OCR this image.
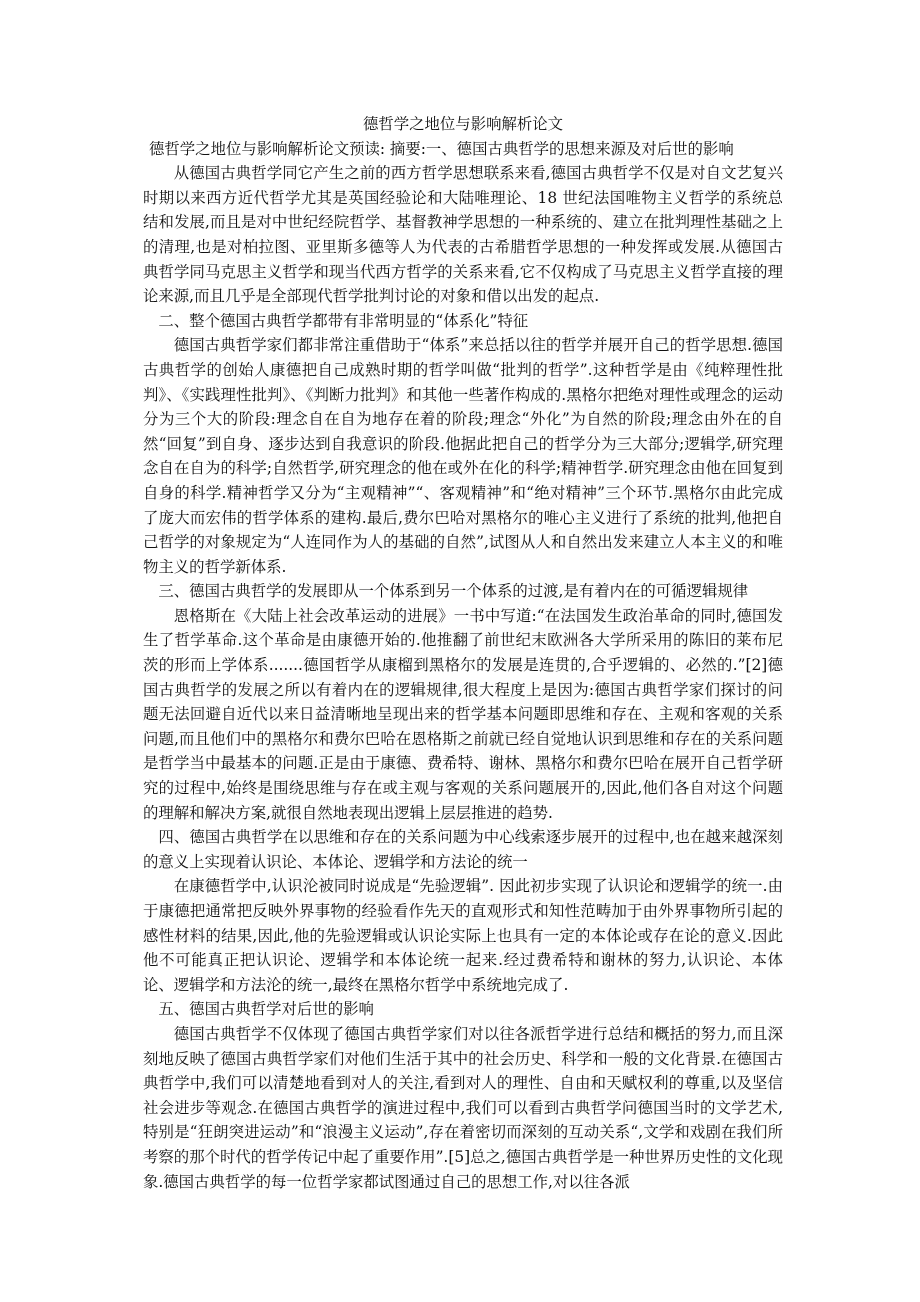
德哲学之地位与影响解析论文

德哲学之地位与影响解析论文预读: 摘要:一、德国古典哲学的思想来源及对后世的影响

从德国古典哲学同它产生之前的西方哲学思想联系来看,德国古典哲学不仅是对自文艺复兴时期以来西方近代哲学尤其是英国经验论和大陆唯理论、18 世纪法国唯物主义哲学的系统总结和发展,而且是对中世纪经院哲学、基督教神学思想的一种系统的、建立在批判理性基础之上的清理,也是对柏拉图、亚里斯多德等人为代表的古希腊哲学思想的一种发挥或发展.从德国古典哲学同马克思主义哲学和现当代西方哲学的关系来看,它不仅构成了马克思主义哲学直接的理论来源,而且几乎是全部现代哲学批判讨论的对象和借以出发的起点.

二、整个德国古典哲学都带有非常明显的“体系化”特征

德国古典哲学家们都非常注重借助于“体系”来总括以往的哲学并展开自己的哲学思想.德国古典哲学的创始人康德把自己成熟时期的哲学叫做“批判的哲学”.这种哲学是由《纯粹理性批判》、《实践理性批判》、《判断力批判》和其他一些著作构成的.黑格尔把绝对理性或理念的运动分为三个大的阶段:理念自在自为地存在着的阶段;理念“外化”为自然的阶段;理念由外在的自然“回复”到自身、逐步达到自我意识的阶段.他据此把自己的哲学分为三大部分;逻辑学,研究理念自在自为的科学;自然哲学,研究理念的他在或外在化的科学;精神哲学.研究理念由他在回复到自身的科学.精神哲学又分为“主观精神”“、客观精神”和“绝对精神”三个环节.黑格尔由此完成了庞大而宏伟的哲学体系的建构.最后,费尔巴哈对黑格尔的唯心主义进行了系统的批判,他把自己哲学的对象规定为“人连同作为人的基础的自然”,试图从人和自然出发来建立人本主义的和唯物主义的哲学新体系.

三、德国古典哲学的发展即从一个体系到另一个体系的过渡,是有着内在的可循逻辑规律

恩格斯在《大陆上社会改革运动的进展》一书中写道:“在法国发生政治革命的同时,德国发生了哲学革命.这个革命是由康德开始的.他推翻了前世纪末欧洲各大学所采用的陈旧的莱布尼茨的形而上学体系.......德国哲学从康榴到黑格尔的发展是连贯的,合乎逻辑的、必然的.”[2]德国古典哲学的发展之所以有着内在的逻辑规律,很大程度上是因为:德国古典哲学家们探讨的问题无法回避自近代以来日益清晰地呈现出来的哲学基本问题即思维和存在、主观和客观的关系问题,而且他们中的黑格尔和费尔巴哈在恩格斯之前就已经自觉地认识到思维和存在的关系问题是哲学当中最基本的问题.正是由于康德、费希特、谢林、黑格尔和费尔巴哈在展开自己哲学研究的过程中,始终是围绕思维与存在或主观与客观的关系问题展开的,因此,他们各自对这个问题的理解和解决方案,就很自然地表现出逻辑上层层推进的趋势.

四、德国古典哲学在以思维和存在的关系问题为中心线索逐步展开的过程中,也在越来越深刻的意义上实现着认识论、本体论、逻辑学和方法论的统一

在康德哲学中,认识沦被同时说成是“先验逻辑”. 因此初步实现了认识论和逻辑学的统一.由于康德把通常把反映外界事物的经验看作先天的直观形式和知性范畴加于由外界事物所引起的感性材料的结果,因此,他的先验逻辑或认识论实际上也具有一定的本体论或存在论的意义.因此他不可能真正把认识论、逻辑学和本体论统一起来.经过费希特和谢林的努力,认识论、本体论、逻辑学和方法沦的统一,最终在黑格尔哲学中系统地完成了.

五、德国古典哲学对后世的影响

德国古典哲学不仅体现了德国古典哲学家们对以往各派哲学进行总结和概括的努力,而且深刻地反映了德国古典哲学家们对他们生活于其中的社会历史、科学和一般的文化背景.在德国古典哲学中,我们可以清楚地看到对人的关注,看到对人的理性、自由和天赋权利的尊重,以及坚信社会进步等观念.在德国古典哲学的演进过程中,我们可以看到古典哲学问德国当时的文学艺术,特别是“狂朗突进运动”和“浪漫主义运动”,存在着密切而深刻的互动关系“,文学和戏剧在我们所考察的那个时代的哲学传记中起了重要作用”.[5]总之,德国古典哲学是一种世界历史性的文化现象.德国古典哲学的每一位哲学家都试图通过自己的思想工作,对以往各派
